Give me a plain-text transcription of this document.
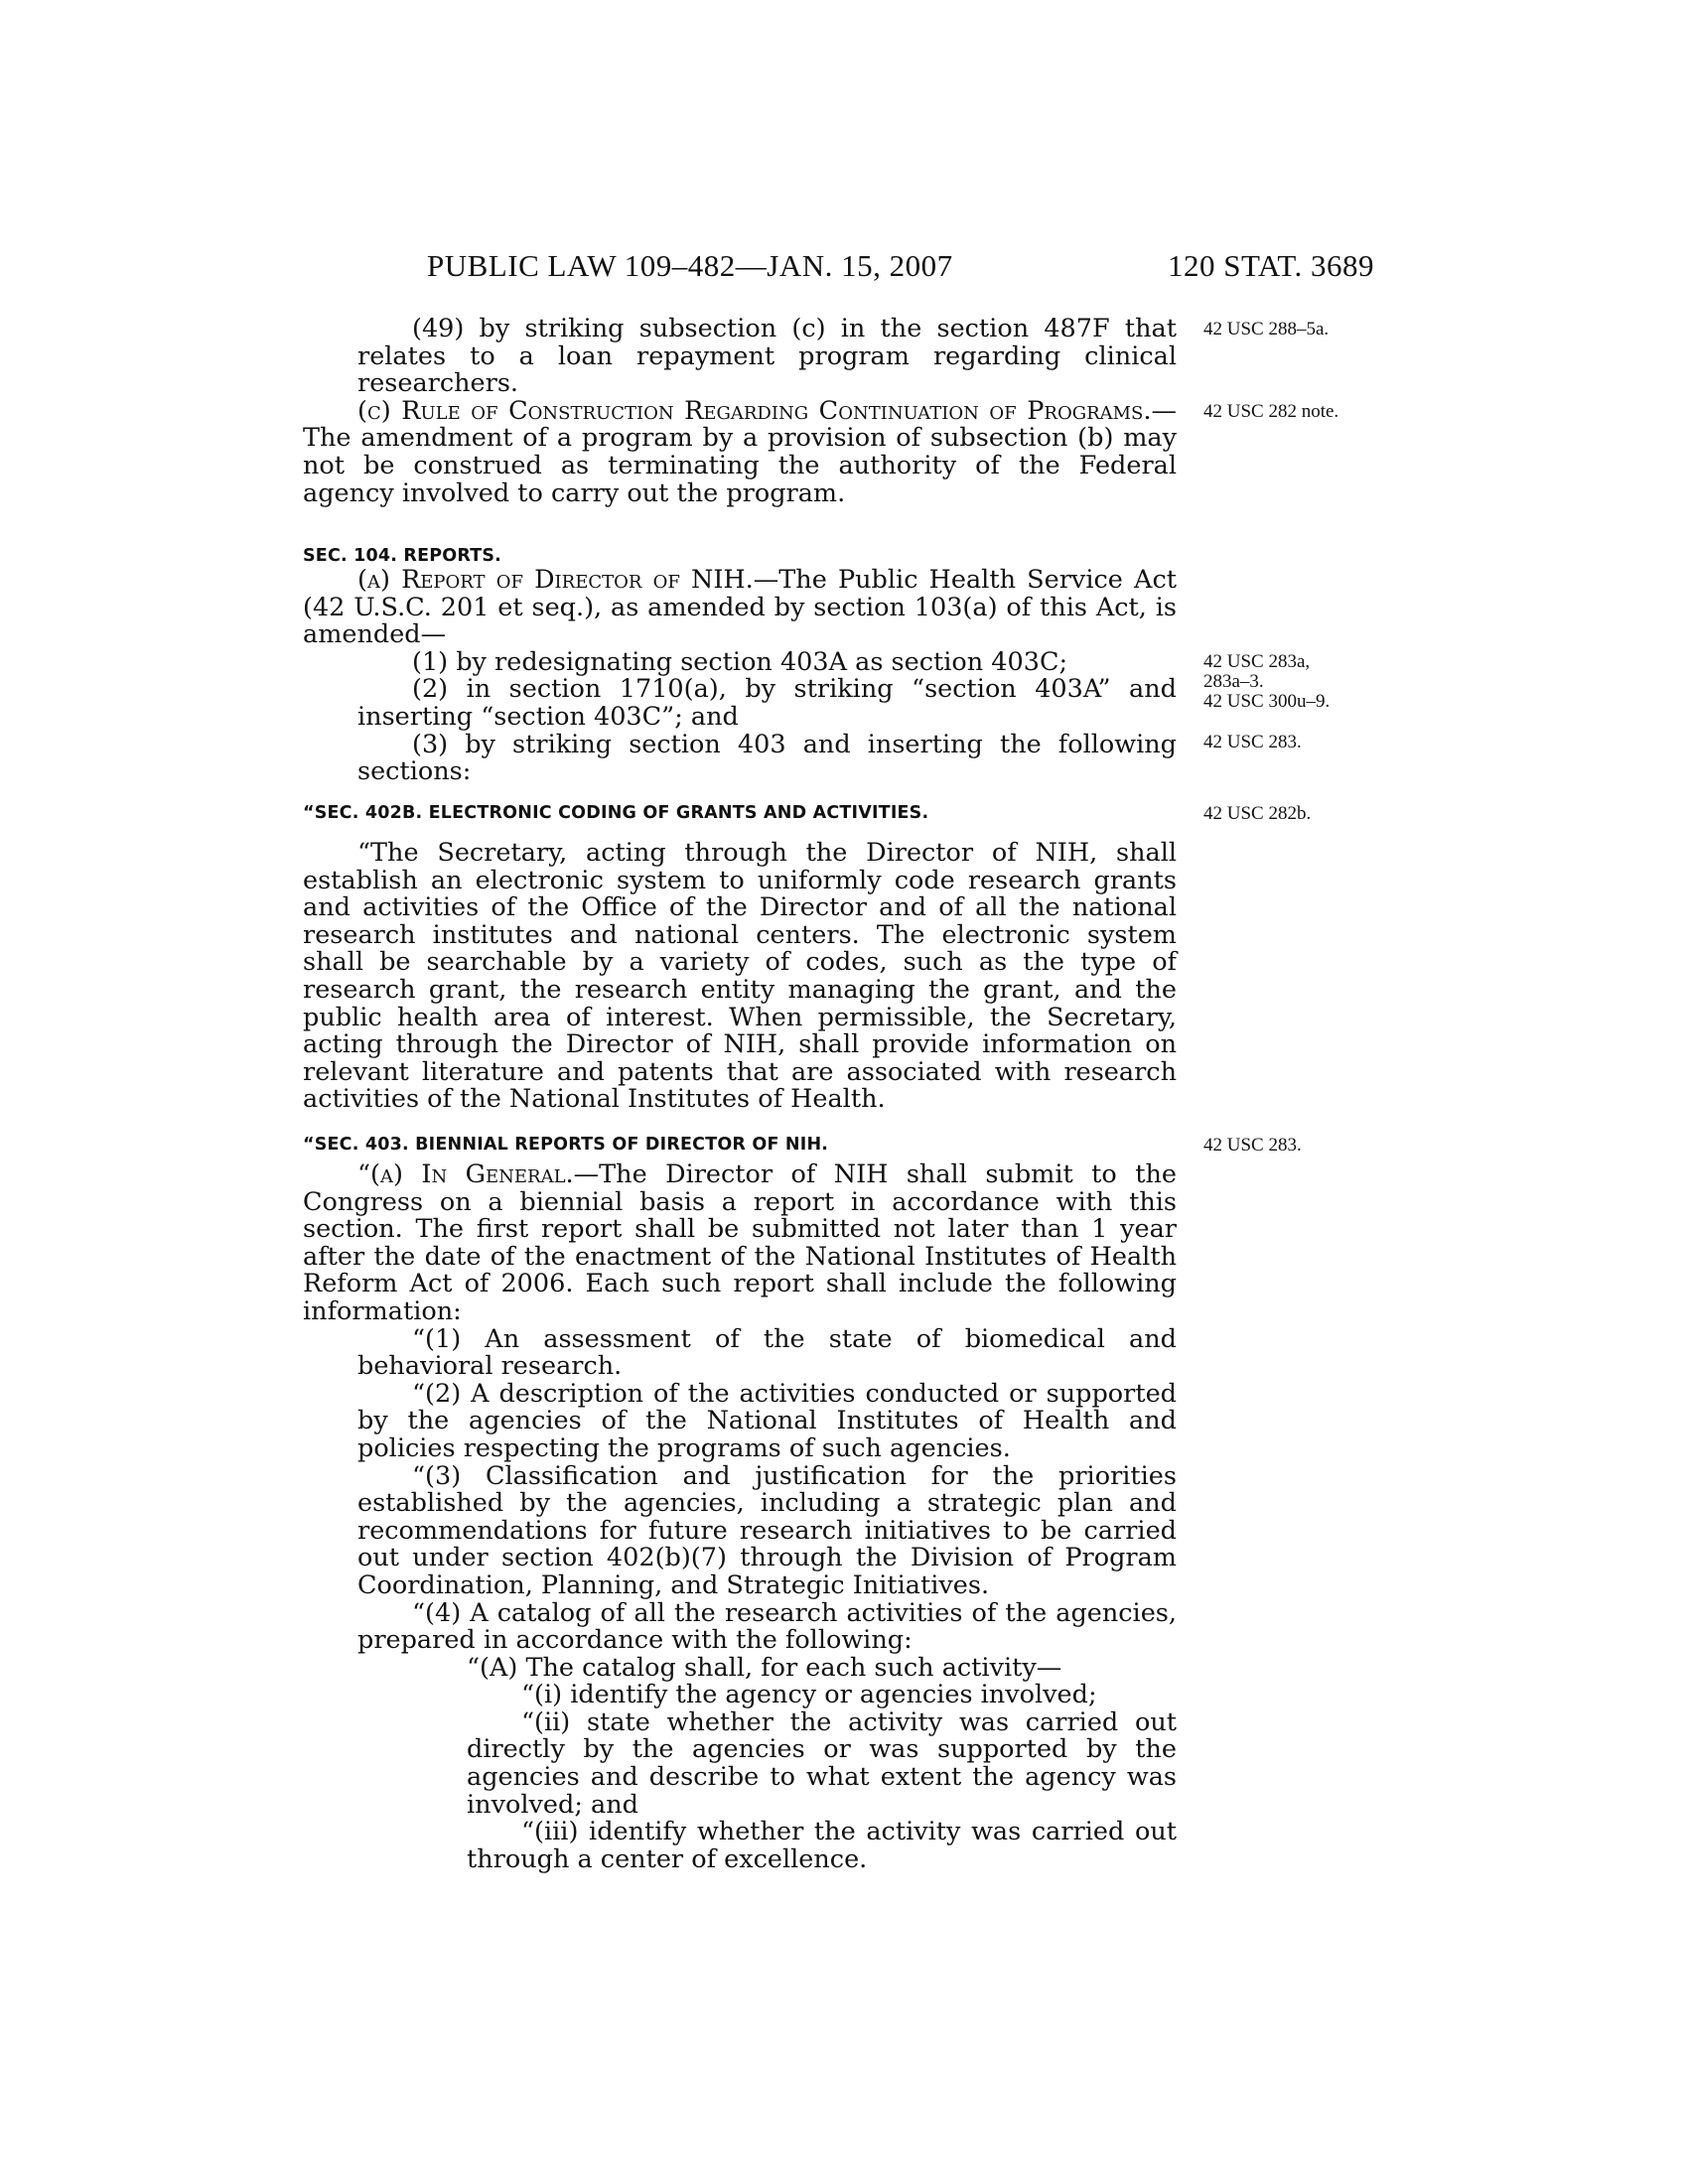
PUBLIC LAW 109–482—JAN. 15, 2007	120 STAT. 3689
42 USC 288–5a.
42 USC 282 note.
42 USC 283a,
283a–3.
42 USC 300u–9.
42 USC 283.
42 USC 282b.
42 USC 283.

(49) by striking subsection (c) in the section 487F that relates to a loan repayment program regarding clinical researchers.

(c) Rule of Construction Regarding Continuation of Programs.—The amendment of a program by a provision of subsection (b) may not be construed as terminating the authority of the Federal agency involved to carry out the program.

SEC. 104. REPORTS.

(a) Report of Director of NIH.—The Public Health Service Act (42 U.S.C. 201 et seq.), as amended by section 103(a) of this Act, is amended—

(1) by redesignating section 403A as section 403C;

(2) in section 1710(a), by striking “section 403A” and inserting “section 403C”; and

(3) by striking section 403 and inserting the following sections:

“SEC. 402B. ELECTRONIC CODING OF GRANTS AND ACTIVITIES.

“The Secretary, acting through the Director of NIH, shall establish an electronic system to uniformly code research grants and activities of the Office of the Director and of all the national research institutes and national centers. The electronic system shall be searchable by a variety of codes, such as the type of research grant, the research entity managing the grant, and the public health area of interest. When permissible, the Secretary, acting through the Director of NIH, shall provide information on relevant literature and patents that are associated with research activities of the National Institutes of Health.

“SEC. 403. BIENNIAL REPORTS OF DIRECTOR OF NIH.

“(a) In General.—The Director of NIH shall submit to the Congress on a biennial basis a report in accordance with this section. The first report shall be submitted not later than 1 year after the date of the enactment of the National Institutes of Health Reform Act of 2006. Each such report shall include the following information:

“(1) An assessment of the state of biomedical and behavioral research.

“(2) A description of the activities conducted or supported by the agencies of the National Institutes of Health and policies respecting the programs of such agencies.

“(3) Classification and justification for the priorities established by the agencies, including a strategic plan and recommendations for future research initiatives to be carried out under section 402(b)(7) through the Division of Program Coordination, Planning, and Strategic Initiatives.

“(4) A catalog of all the research activities of the agencies, prepared in accordance with the following:

“(A) The catalog shall, for each such activity—

“(i) identify the agency or agencies involved;

“(ii) state whether the activity was carried out directly by the agencies or was supported by the agencies and describe to what extent the agency was involved; and

“(iii) identify whether the activity was carried out through a center of excellence.
